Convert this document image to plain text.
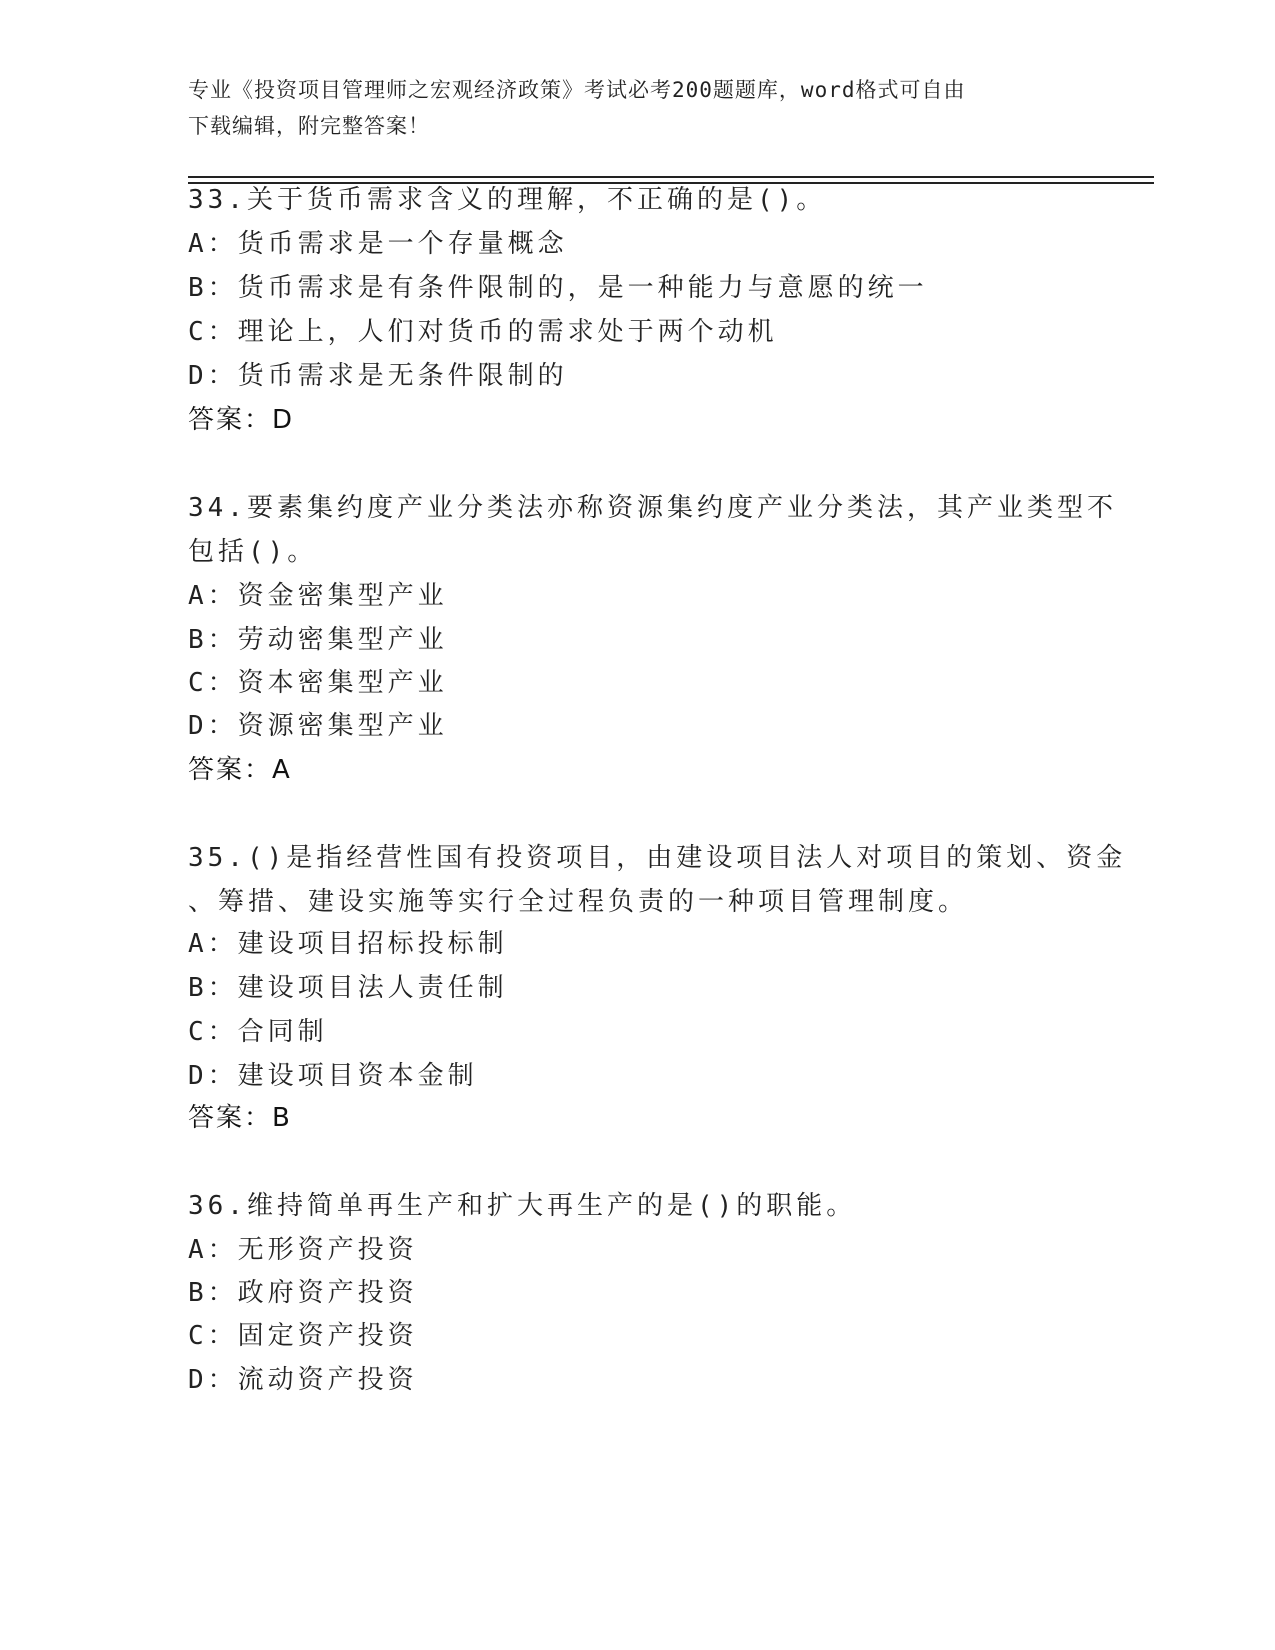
专业《投资项目管理师之宏观经济政策》考试必考200题题库，word格式可自由
下载编辑，附完整答案！
33.关于货币需求含义的理解，不正确的是()。
A：货币需求是一个存量概念
B：货币需求是有条件限制的，是一种能力与意愿的统一
C：理论上，人们对货币的需求处于两个动机
D：货币需求是无条件限制的
答案：D
34.要素集约度产业分类法亦称资源集约度产业分类法，其产业类型不
包括()。
A：资金密集型产业
B：劳动密集型产业
C：资本密集型产业
D：资源密集型产业
答案：A
35.()是指经营性国有投资项目，由建设项目法人对项目的策划、资金
、筹措、建设实施等实行全过程负责的一种项目管理制度。
A：建设项目招标投标制
B：建设项目法人责任制
C：合同制
D：建设项目资本金制
答案：B
36.维持简单再生产和扩大再生产的是()的职能。
A：无形资产投资
B：政府资产投资
C：固定资产投资
D：流动资产投资
